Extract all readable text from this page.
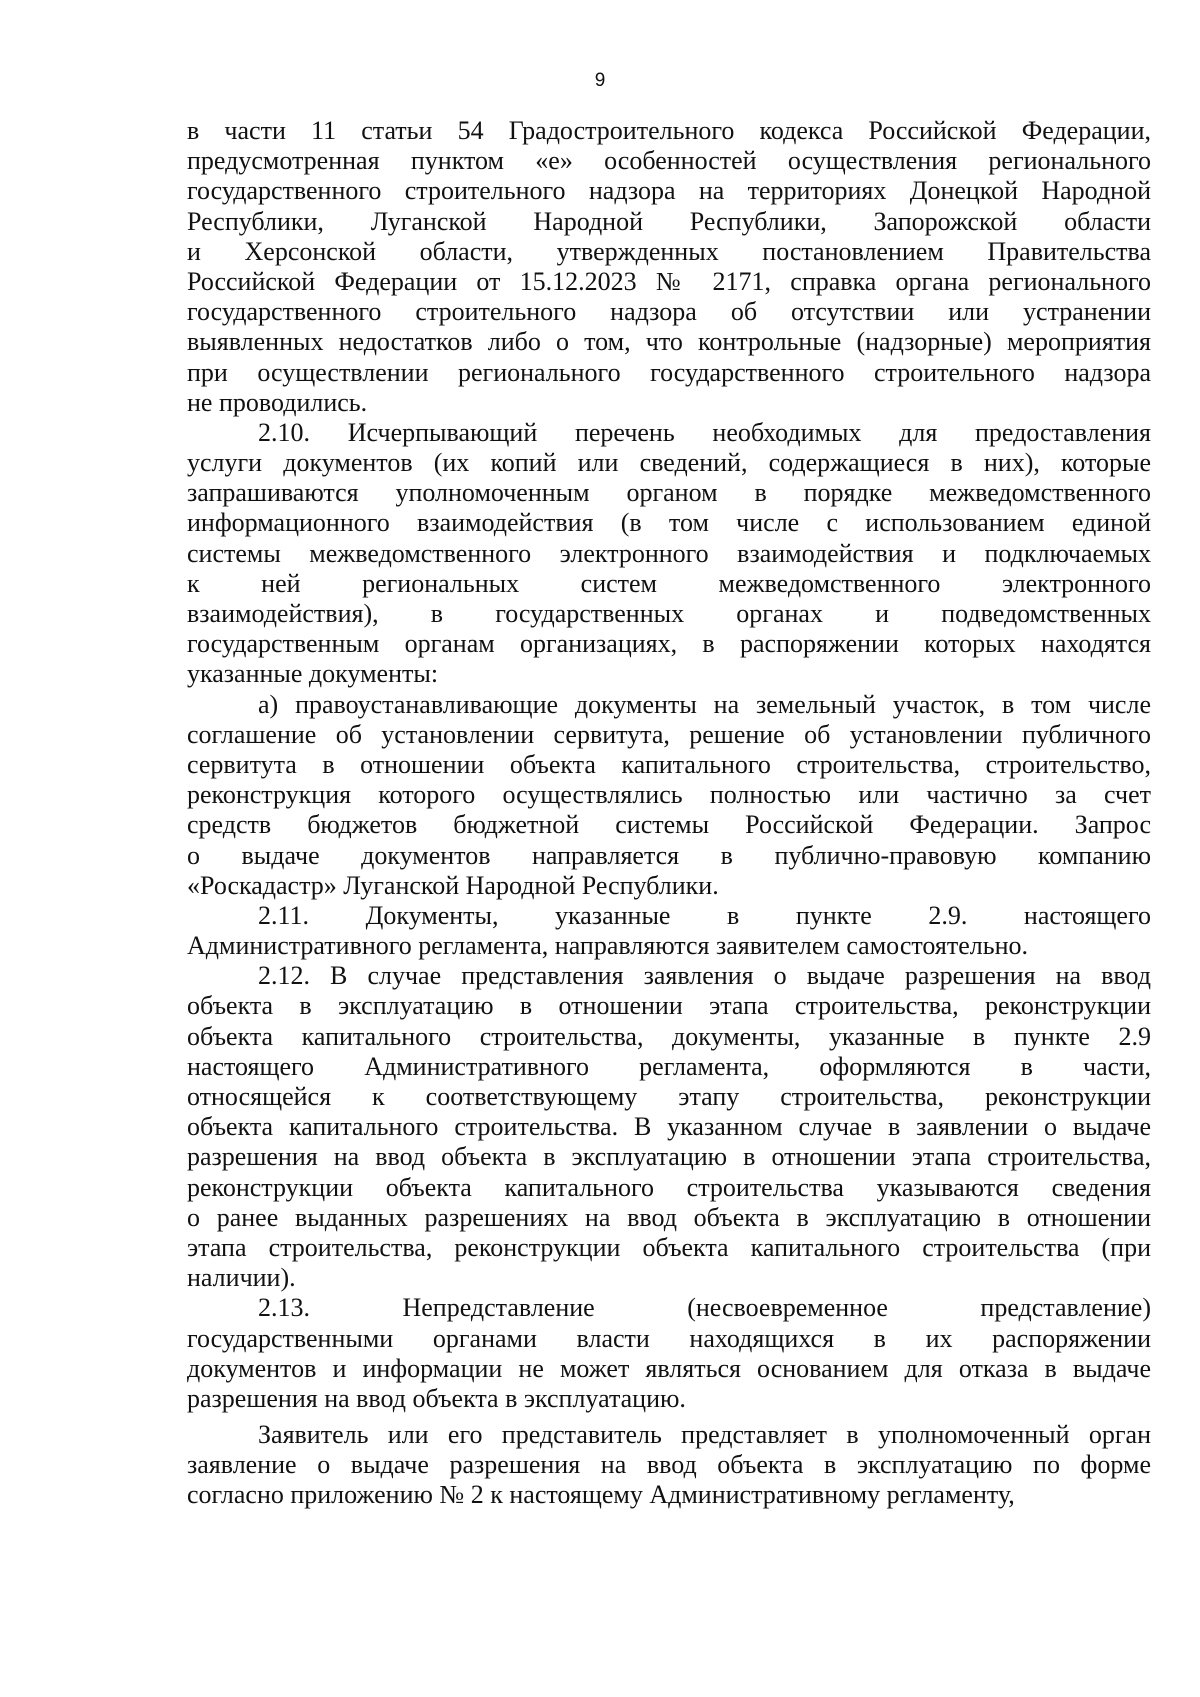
9
в части 11 статьи 54 Градостроительного кодекса Российской Федерации,
предусмотренная пунктом «е» особенностей осуществления регионального
государственного строительного надзора на территориях Донецкой Народной
Республики, Луганской Народной Республики, Запорожской области
и Херсонской области, утвержденных постановлением Правительства
Российской Федерации от 15.12.2023 № 2171, справка органа регионального
государственного строительного надзора об отсутствии или устранении
выявленных недостатков либо о том, что контрольные (надзорные) мероприятия
при осуществлении регионального государственного строительного надзора
не проводились.
2.10. Исчерпывающий перечень необходимых для предоставления
услуги документов (их копий или сведений, содержащиеся в них), которые
запрашиваются уполномоченным органом в порядке межведомственного
информационного взаимодействия (в том числе с использованием единой
системы межведомственного электронного взаимодействия и подключаемых
к ней региональных систем межведомственного электронного
взаимодействия), в государственных органах и подведомственных
государственным органам организациях, в распоряжении которых находятся
указанные документы:
а) правоустанавливающие документы на земельный участок, в том числе
соглашение об установлении сервитута, решение об установлении публичного
сервитута в отношении объекта капитального строительства, строительство,
реконструкция которого осуществлялись полностью или частично за счет
средств бюджетов бюджетной системы Российской Федерации. Запрос
о выдаче документов направляется в публично-правовую компанию
«Роскадастр» Луганской Народной Республики.
2.11. Документы, указанные в пункте 2.9. настоящего
Административного регламента, направляются заявителем самостоятельно.
2.12. В случае представления заявления о выдаче разрешения на ввод
объекта в эксплуатацию в отношении этапа строительства, реконструкции
объекта капитального строительства, документы, указанные в пункте 2.9
настоящего Административного регламента, оформляются в части,
относящейся к соответствующему этапу строительства, реконструкции
объекта капитального строительства. В указанном случае в заявлении о выдаче
разрешения на ввод объекта в эксплуатацию в отношении этапа строительства,
реконструкции объекта капитального строительства указываются сведения
о ранее выданных разрешениях на ввод объекта в эксплуатацию в отношении
этапа строительства, реконструкции объекта капитального строительства (при
наличии).
2.13. Непредставление (несвоевременное представление)
государственными органами власти находящихся в их распоряжении
документов и информации не может являться основанием для отказа в выдаче
разрешения на ввод объекта в эксплуатацию.
Заявитель или его представитель представляет в уполномоченный орган
заявление о выдаче разрешения на ввод объекта в эксплуатацию по форме
согласно приложению № 2 к настоящему Административному регламенту,
